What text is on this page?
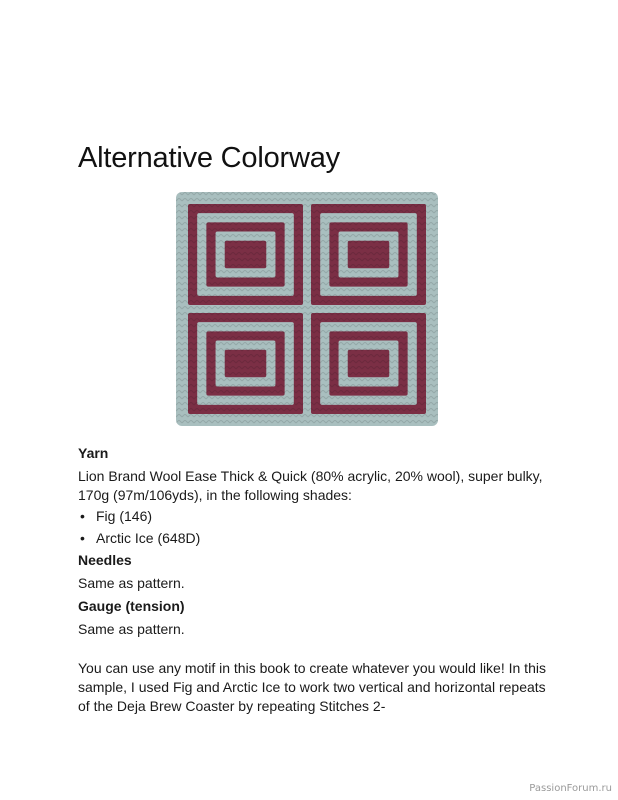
Alternative Colorway
Yarn

Lion Brand Wool Ease Thick & Quick (80% acrylic, 20% wool), super bulky, 170g (97m/106yds), in the following shades:

• Fig (146)
• Arctic Ice (648D)
Needles

Same as pattern.

Gauge (tension)

Same as pattern.

You can use any motif in this book to create whatever you would like! In this sample, I used Fig and Arctic Ice to work two vertical and horizontal repeats of the Deja Brew Coaster by repeating Stitches 2-

PassionForum.ru
